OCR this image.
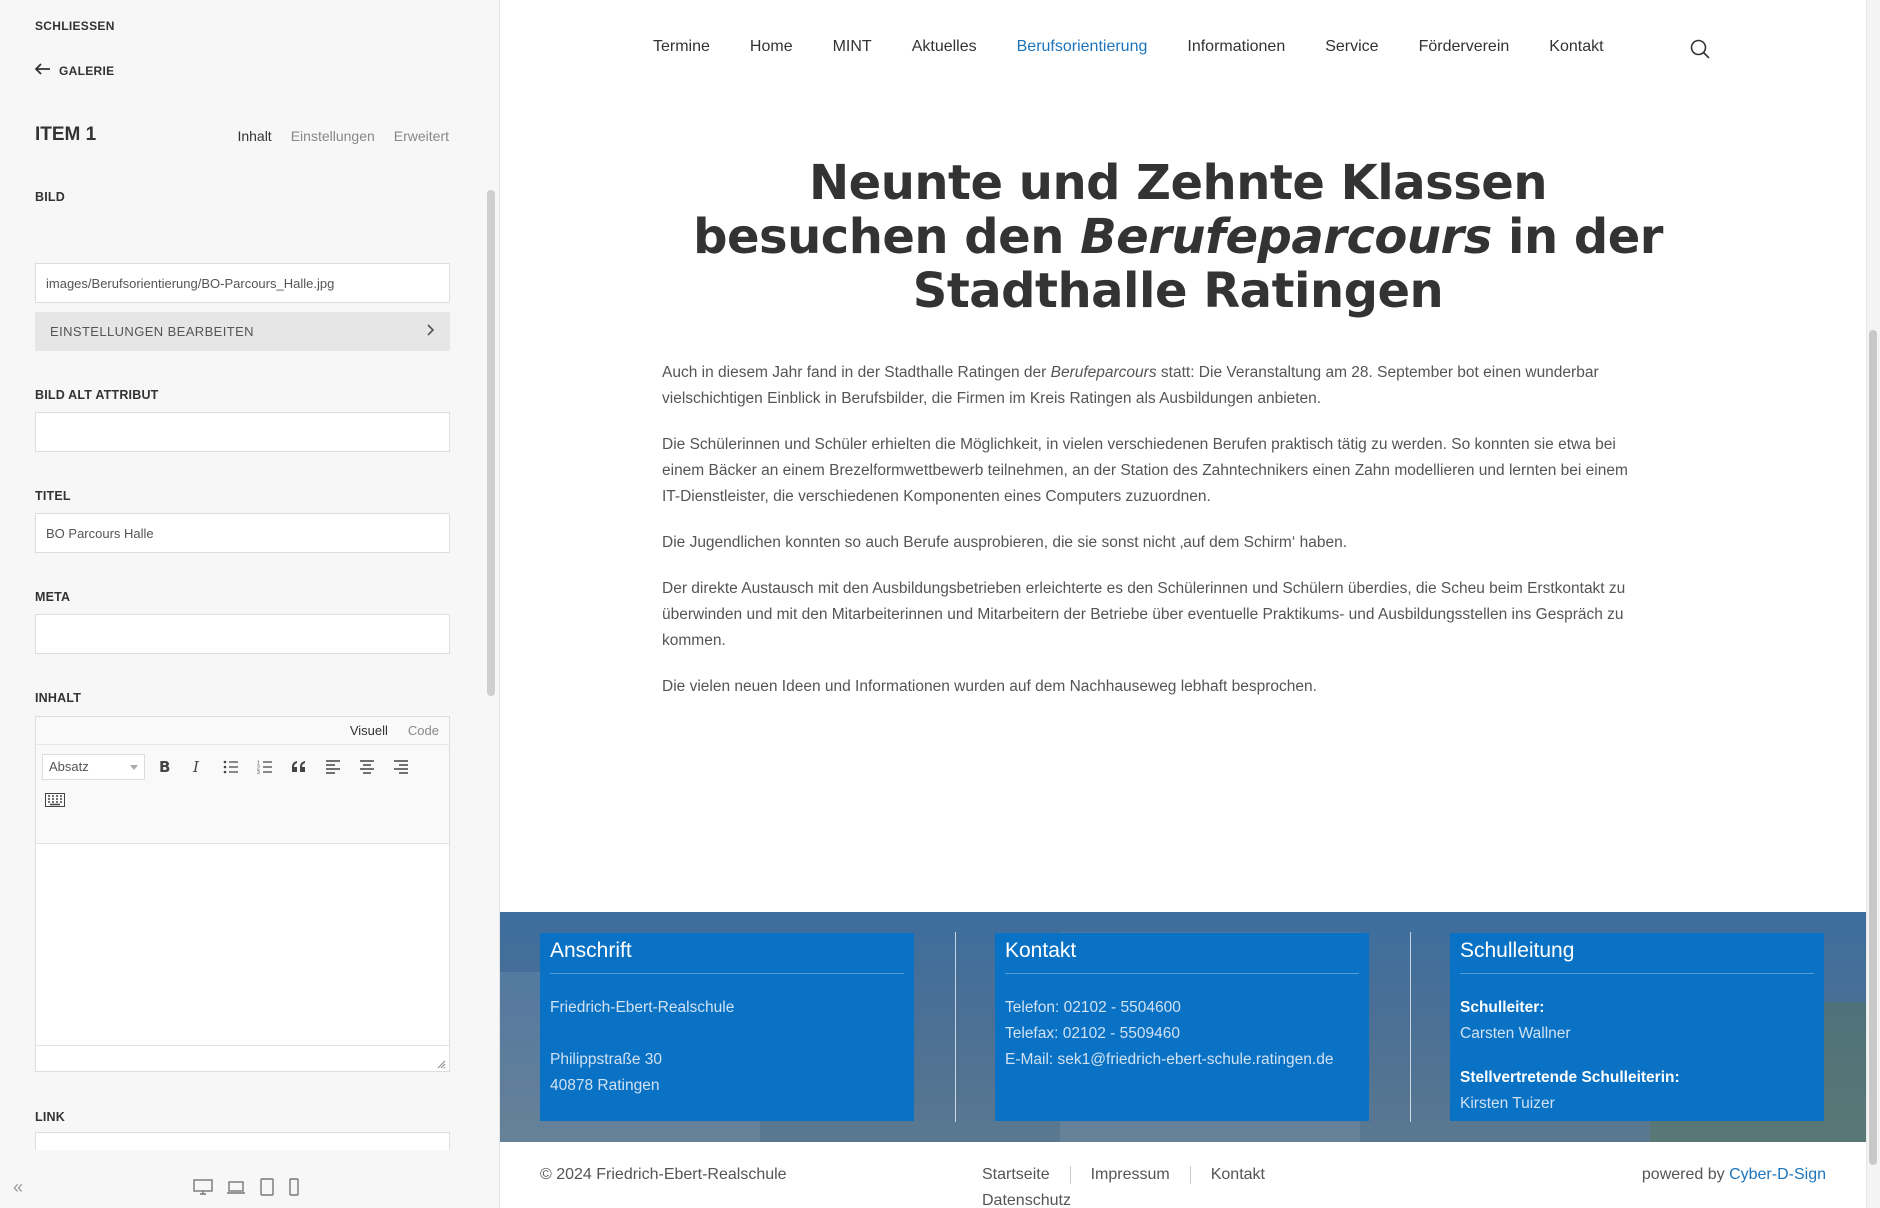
SCHLIESSEN
GALERIE
ITEM 1	Inhalt Einstellungen Erweitert
BILD
images/Berufsorientierung/BO-Parcours_Halle.jpg
EINSTELLUNGEN BEARBEITEN
BILD ALT ATTRIBUT
TITEL
BO Parcours Halle
META
INHALT
Visuell Code
Absatz	B I	1
2
3
LINK
«
Termine	Home	MINT	Aktuelles	Berufsorientierung	Informationen	Service	Förderverein	Kontakt
Neunte und Zehnte Klassen besuchen den Berufeparcours in der Stadthalle Ratingen

Auch in diesem Jahr fand in der Stadthalle Ratingen der Berufeparcours statt: Die Veranstaltung am 28. September bot einen wunderbar vielschichtigen Einblick in Berufsbilder, die Firmen im Kreis Ratingen als Ausbildungen anbieten.

Die Schülerinnen und Schüler erhielten die Möglichkeit, in vielen verschiedenen Berufen praktisch tätig zu werden. So konnten sie etwa bei einem Bäcker an einem Brezelformwettbewerb teilnehmen, an der Station des Zahntechnikers einen Zahn modellieren und lernten bei einem IT-Dienstleister, die verschiedenen Komponenten eines Computers zuzuordnen.

Die Jugendlichen konnten so auch Berufe ausprobieren, die sie sonst nicht ‚auf dem Schirm‘ haben.

Der direkte Austausch mit den Ausbildungsbetrieben erleichterte es den Schülerinnen und Schülern überdies, die Scheu beim Erstkontakt zu überwinden und mit den Mitarbeiterinnen und Mitarbeitern der Betriebe über eventuelle Praktikums- und Ausbildungsstellen ins Gespräch zu kommen.

Die vielen neuen Ideen und Informationen wurden auf dem Nachhauseweg lebhaft besprochen.

Anschrift
Friedrich-Ebert-Realschule
Philippstraße 30
40878 Ratingen
Kontakt
Telefon: 02102 - 5504600
Telefax: 02102 - 5509460
E-Mail: sek1@friedrich-ebert-schule.ratingen.de
Schulleitung
Schulleiter:
Carsten Wallner
Stellvertretende Schulleiterin:
Kirsten Tuizer
© 2024 Friedrich-Ebert-Realschule	Startseite	Impressum	Kontakt
Datenschutz
powered by Cyber-D-Sign
